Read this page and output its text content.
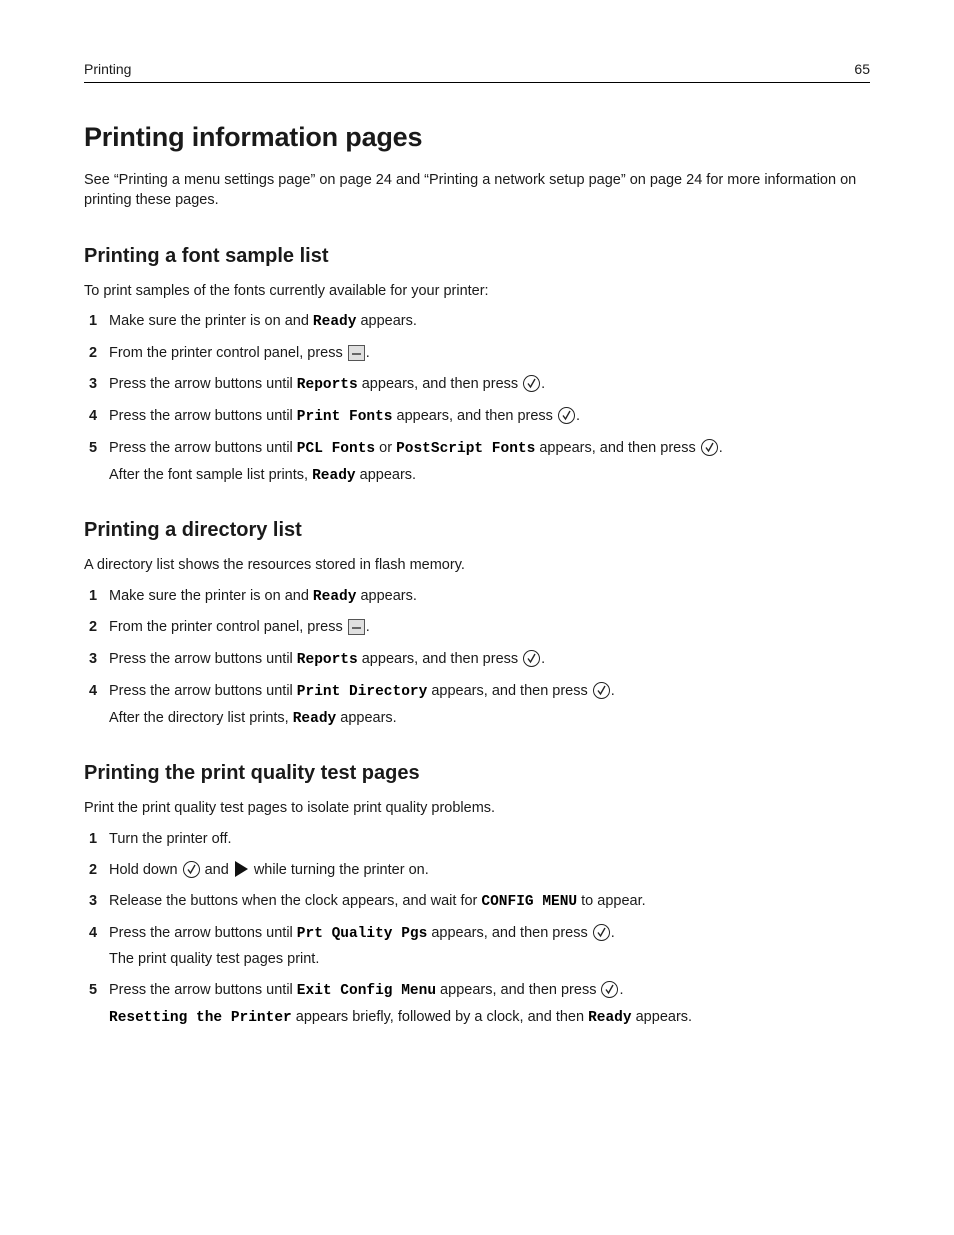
Printing	65
Printing information pages
See “Printing a menu settings page” on page 24 and “Printing a network setup page” on page 24 for more information on printing these pages.
Printing a font sample list
To print samples of the fonts currently available for your printer:
1 Make sure the printer is on and Ready appears.
2 From the printer control panel, press .
3 Press the arrow buttons until Reports appears, and then press
.
4 Press the arrow buttons until Print Fonts appears, and then press
.
5 Press the arrow buttons until PCL Fonts or PostScript Fonts appears, and then press
.
After the font sample list prints, Ready appears.
Printing a directory list
A directory list shows the resources stored in flash memory.
1 Make sure the printer is on and Ready appears.
2 From the printer control panel, press .
3 Press the arrow buttons until Reports appears, and then press
.
4 Press the arrow buttons until Print Directory appears, and then press
.
After the directory list prints, Ready appears.
Printing the print quality test pages
Print the print quality test pages to isolate print quality problems.
1 Turn the printer off.
2 Hold down
and  while turning the printer on.
3 Release the buttons when the clock appears, and wait for CONFIG MENU to appear.
4 Press the arrow buttons until Prt Quality Pgs appears, and then press
.
The print quality test pages print.
5 Press the arrow buttons until Exit Config Menu appears, and then press
.
Resetting the Printer appears briefly, followed by a clock, and then Ready appears.
